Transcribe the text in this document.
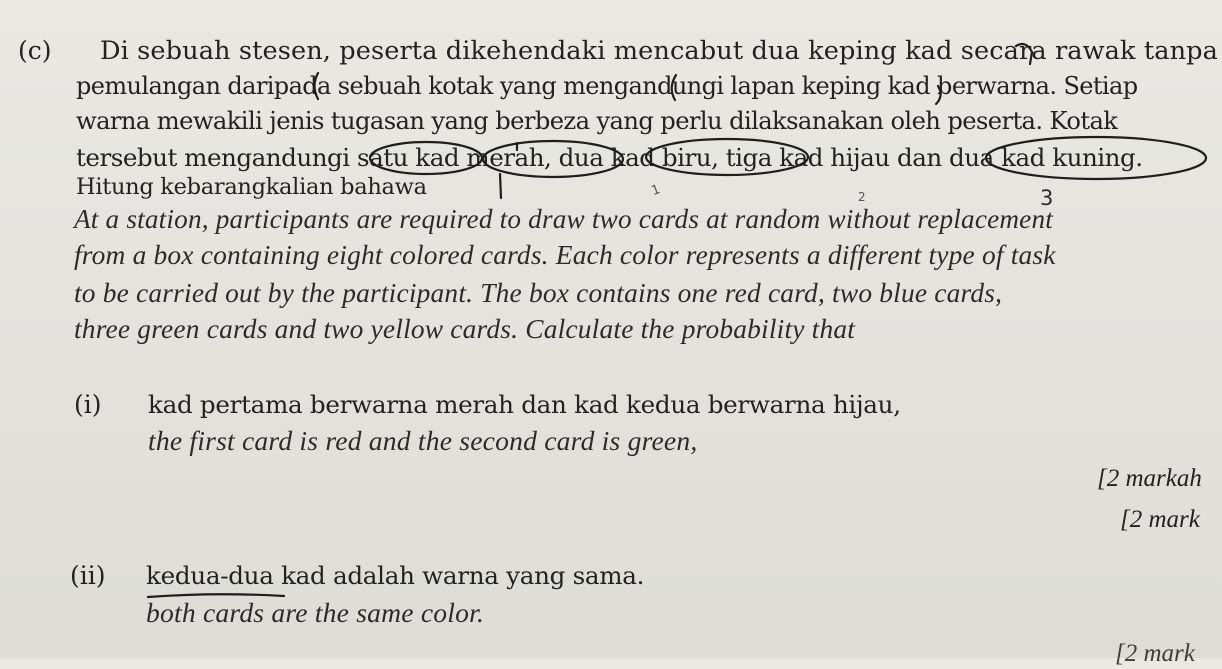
(c) Di sebuah stesen, peserta dikehendaki mencabut dua keping kad secara rawak tanpa
pemulangan daripada sebuah kotak yang mengandungi lapan keping kad berwarna. Setiap
warna mewakili jenis tugasan yang berbeza yang perlu dilaksanakan oleh peserta. Kotak
tersebut mengandungi satu kad merah, dua kad biru, tiga kad hijau dan dua kad kuning.
Hitung kebarangkalian bahawa
At a station, participants are required to draw two cards at random without replacement
from a box containing eight colored cards. Each color represents a different type of task
to be carried out by the participant. The box contains one red card, two blue cards,
three green cards and two yellow cards. Calculate the probability that
(i) kad pertama berwarna merah dan kad kedua berwarna hijau,
the first card is red and the second card is green,
[2 markah
[2 mark
(ii) kedua-dua kad adalah warna yang sama.
both cards are the same color.
[2 mark
1	2	3
